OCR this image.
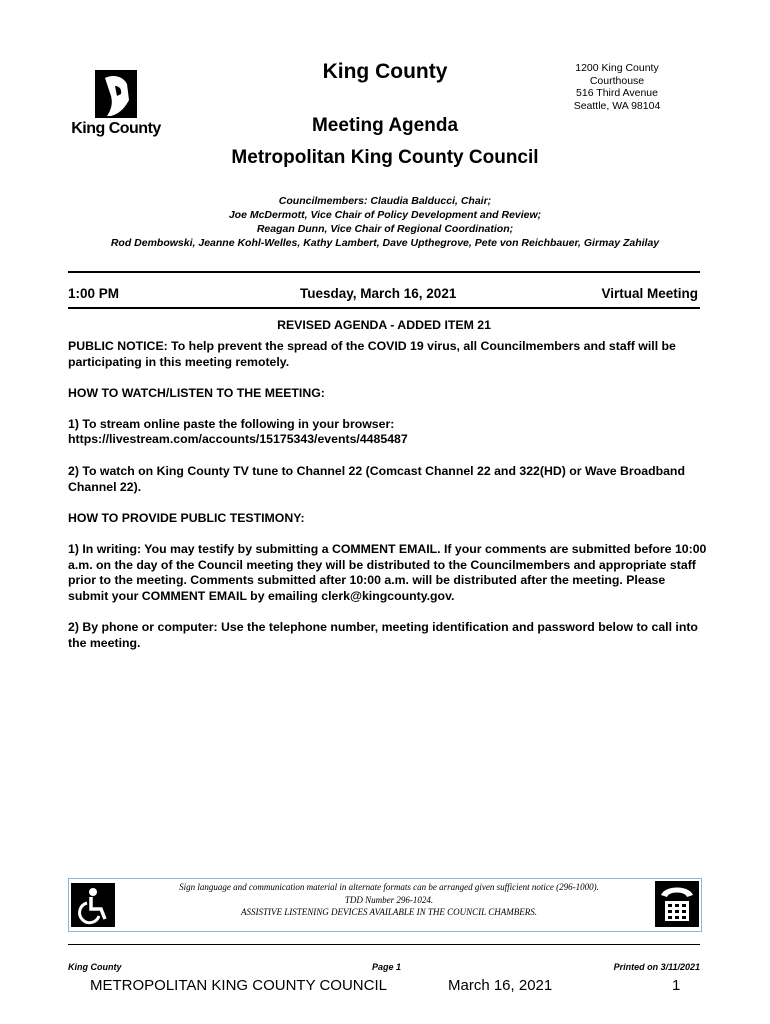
King County
King County	1200 King County
Courthouse
516 Third Avenue
Seattle, WA 98104
Meeting Agenda
Metropolitan King County Council
Councilmembers: Claudia Balducci, Chair;
Joe McDermott, Vice Chair of Policy Development and Review;
Reagan Dunn, Vice Chair of Regional Coordination;
Rod Dembowski, Jeanne Kohl-Welles, Kathy Lambert, Dave Upthegrove, Pete von Reichbauer, Girmay Zahilay
1:00 PM	Tuesday, March 16, 2021	Virtual Meeting
REVISED AGENDA - ADDED ITEM 21
PUBLIC NOTICE: To help prevent the spread of the COVID 19 virus, all Councilmembers and staff will be participating in this meeting remotely.
HOW TO WATCH/LISTEN TO THE MEETING:
1) To stream online paste the following in your browser:
https://livestream.com/accounts/15175343/events/4485487
2) To watch on King County TV tune to Channel 22 (Comcast Channel 22 and 322(HD) or Wave Broadband Channel 22).
HOW TO PROVIDE PUBLIC TESTIMONY:
1) In writing: You may testify by submitting a COMMENT EMAIL. If your comments are submitted before 10:00 a.m. on the day of the Council meeting they will be distributed to the Councilmembers and appropriate staff prior to the meeting. Comments submitted after 10:00 a.m. will be distributed after the meeting. Please submit your COMMENT EMAIL by emailing clerk@kingcounty.gov.
2) By phone or computer: Use the telephone number, meeting identification and password below to call into the meeting.
Sign language and communication material in alternate formats can be arranged given sufficient notice (296-1000).
TDD Number 296-1024.
ASSISTIVE LISTENING DEVICES AVAILABLE IN THE COUNCIL CHAMBERS.
King County	Page 1	Printed on 3/11/2021
METROPOLITAN KING COUNTY COUNCIL	March 16, 2021	1
